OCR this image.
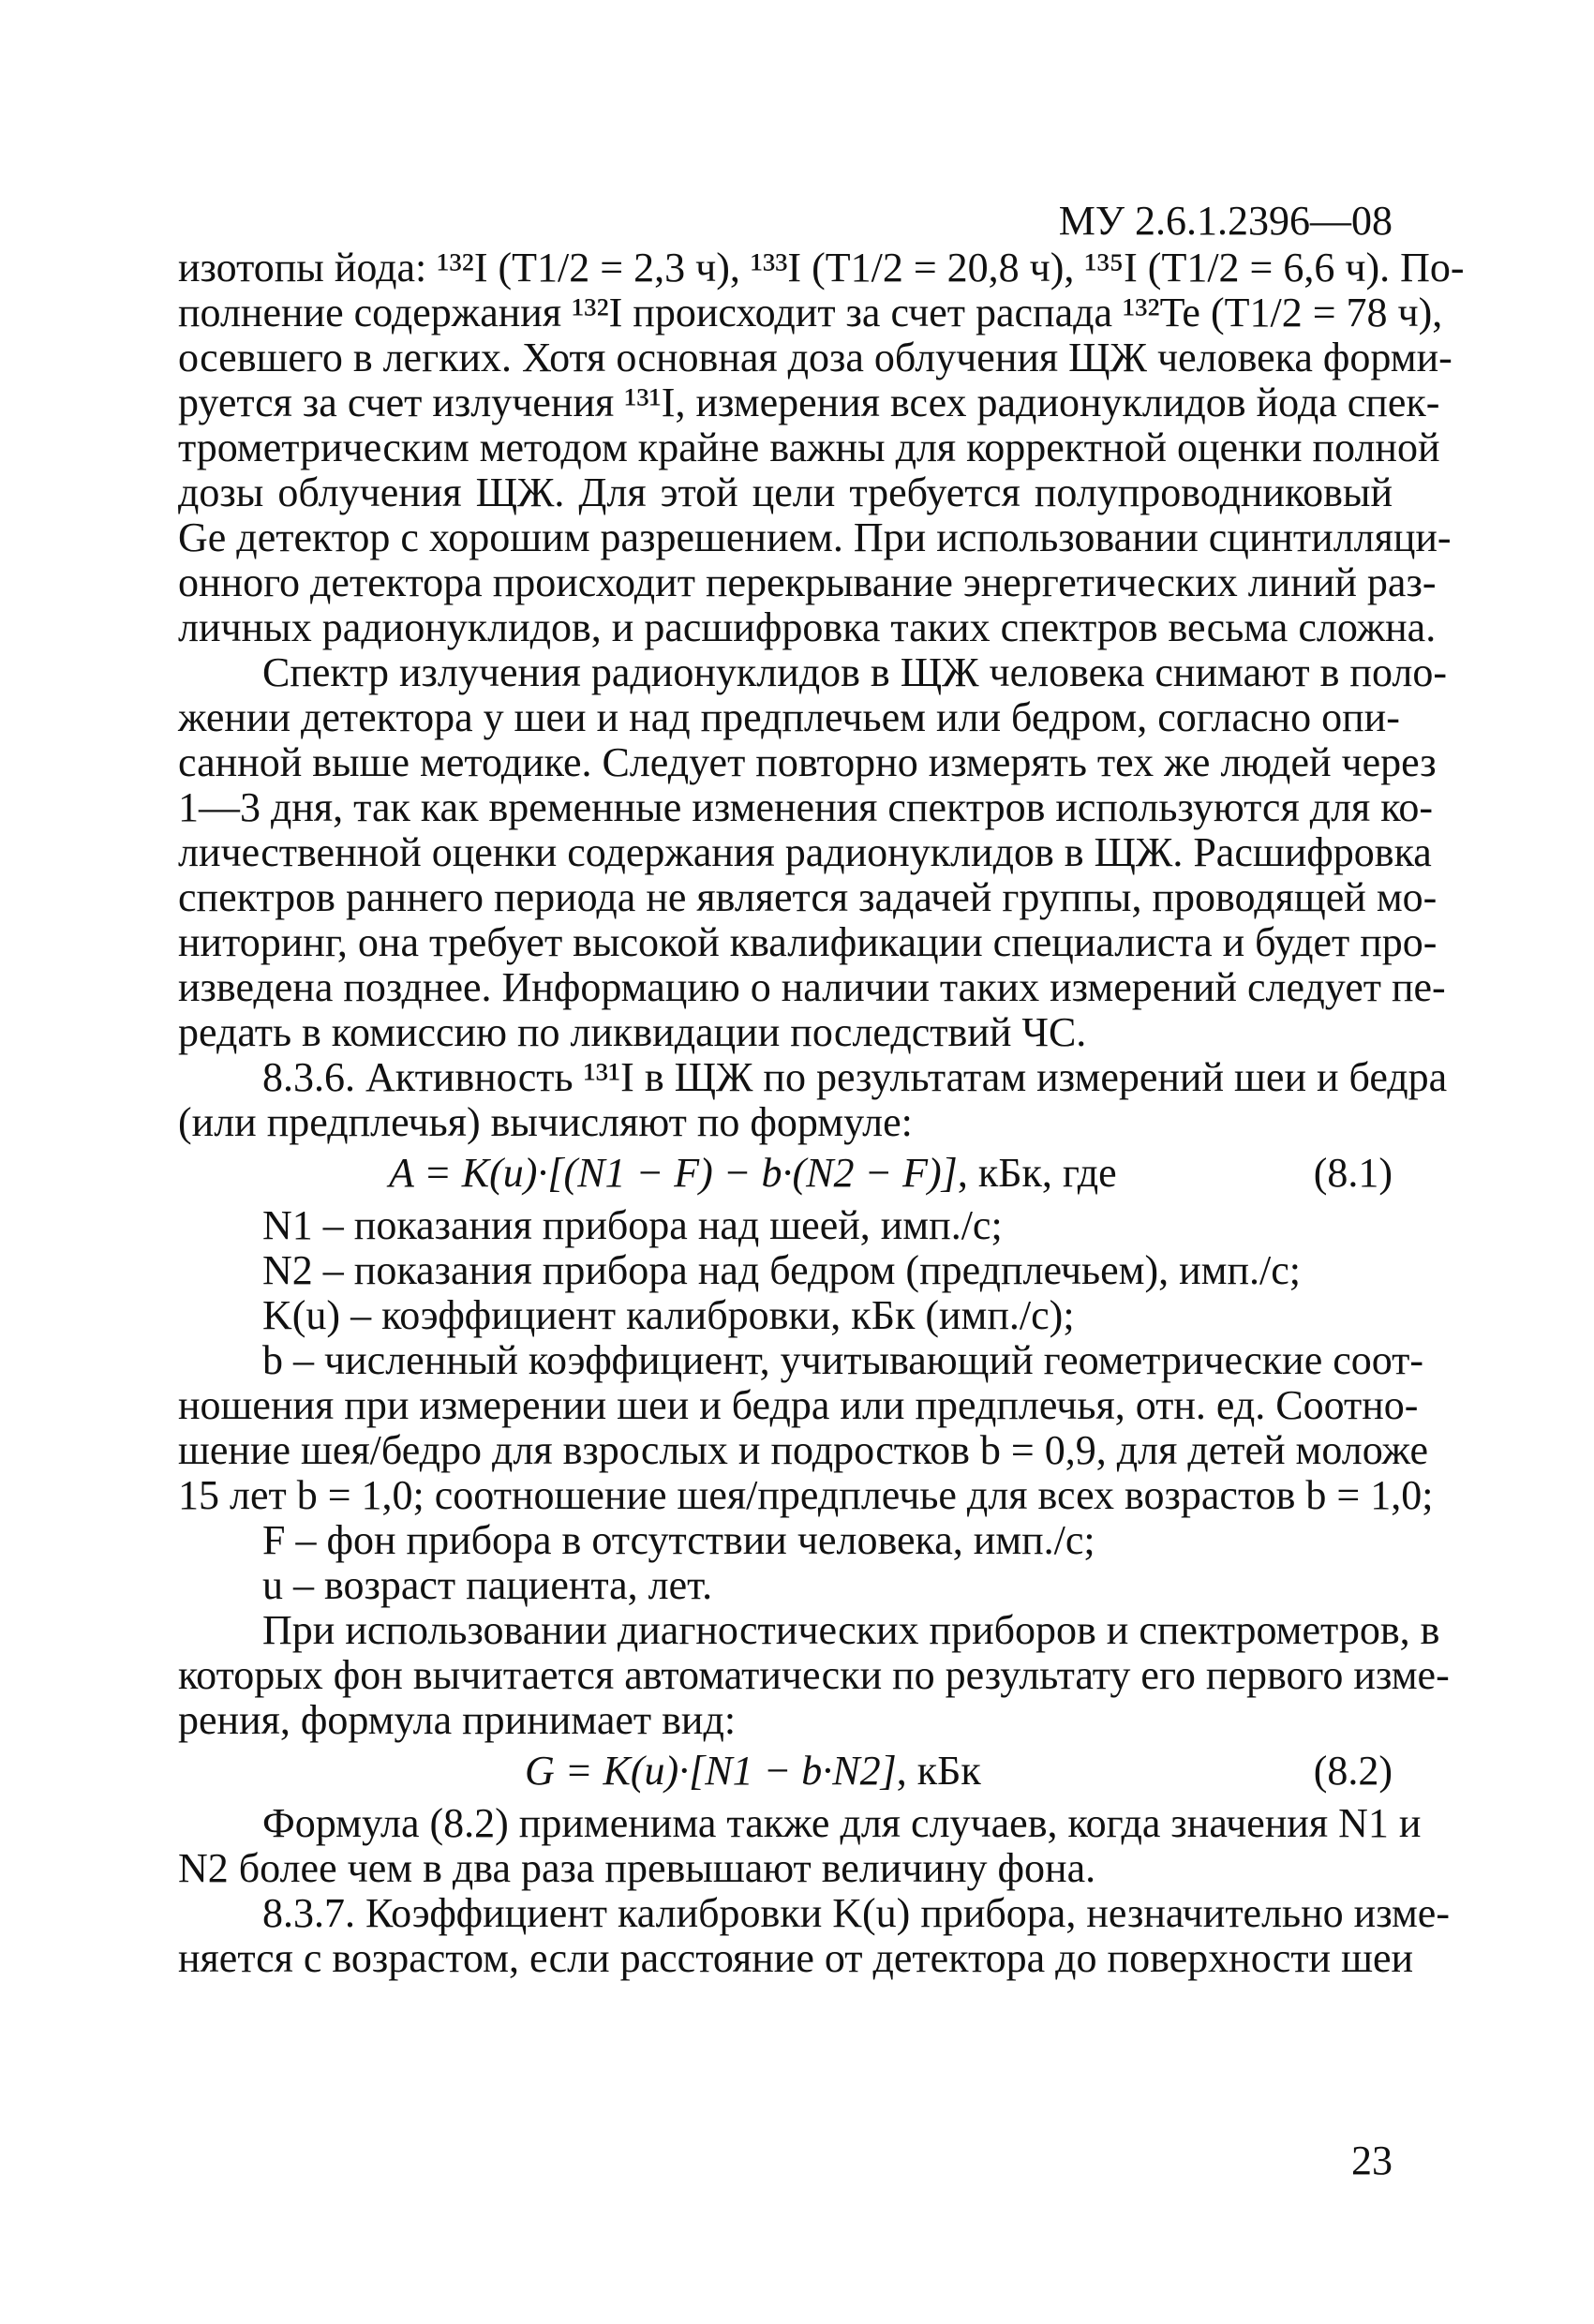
МУ 2.6.1.2396—08
изотопы йода: ¹³²I (T1/2 = 2,3 ч), ¹³³I (T1/2 = 20,8 ч), ¹³⁵I (T1/2 = 6,6 ч). По-
полнение содержания ¹³²I происходит за счет распада ¹³²Te (T1/2 = 78 ч),
осевшего в легких. Хотя основная доза облучения ЩЖ человека форми-
руется за счет излучения ¹³¹I, измерения всех радионуклидов йода спек-
трометрическим методом крайне важны для корректной оценки полной
дозы облучения ЩЖ. Для этой цели требуется полупроводниковый
Ge детектор с хорошим разрешением. При использовании сцинтилляци-
онного детектора происходит перекрывание энергетических линий раз-
личных радионуклидов, и расшифровка таких спектров весьма сложна.
Спектр излучения радионуклидов в ЩЖ человека снимают в поло-
жении детектора у шеи и над предплечьем или бедром, согласно опи-
санной выше методике. Следует повторно измерять тех же людей через
1—3 дня, так как временные изменения спектров используются для ко-
личественной оценки содержания радионуклидов в ЩЖ. Расшифровка
спектров раннего периода не является задачей группы, проводящей мо-
ниторинг, она требует высокой квалификации специалиста и будет про-
изведена позднее. Информацию о наличии таких измерений следует пе-
редать в комиссию по ликвидации последствий ЧС.
8.3.6. Активность ¹³¹I в ЩЖ по результатам измерений шеи и бедра
(или предплечья) вычисляют по формуле:
A = K(u)·[(N1 − F) − b·(N2 − F)], кБк, где	(8.1)
N1 – показания прибора над шеей, имп./с;
N2 – показания прибора над бедром (предплечьем), имп./с;
K(u) – коэффициент калибровки, кБк (имп./с);
b – численный коэффициент, учитывающий геометрические соот-
ношения при измерении шеи и бедра или предплечья, отн. ед. Соотно-
шение шея/бедро для взрослых и подростков b = 0,9, для детей моложе
15 лет b = 1,0; соотношение шея/предплечье для всех возрастов b = 1,0;
F – фон прибора в отсутствии человека, имп./с;
u – возраст пациента, лет.
При использовании диагностических приборов и спектрометров, в
которых фон вычитается автоматически по результату его первого изме-
рения, формула принимает вид:
G = K(u)·[N1 − b·N2], кБк	(8.2)
Формула (8.2) применима также для случаев, когда значения N1 и
N2 более чем в два раза превышают величину фона.
8.3.7. Коэффициент калибровки K(u) прибора, незначительно изме-
няется с возрастом, если расстояние от детектора до поверхности шеи
23
